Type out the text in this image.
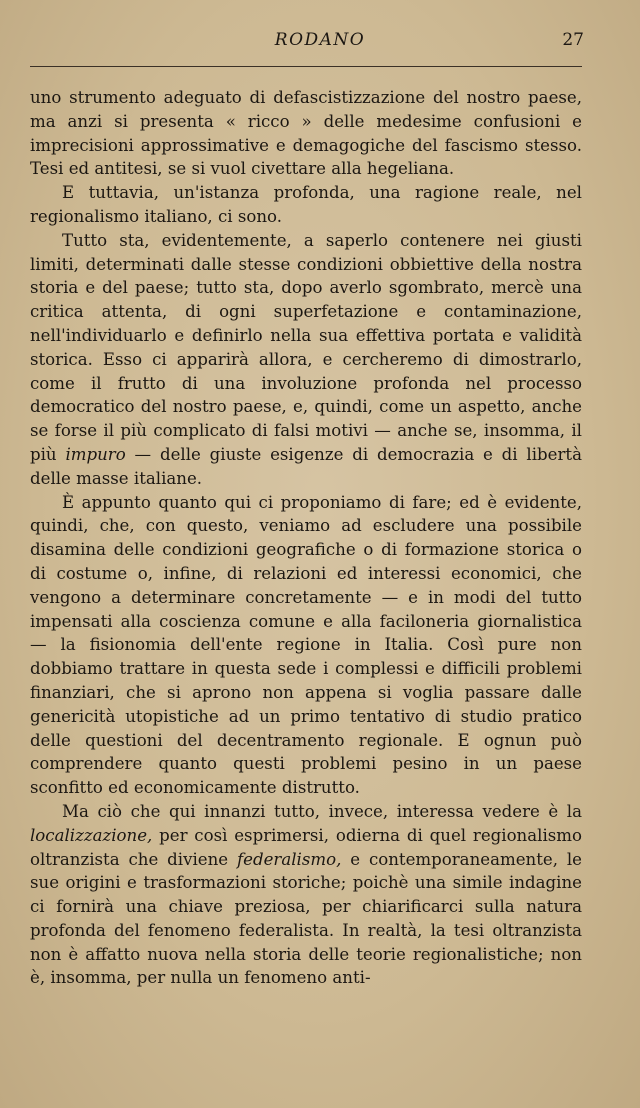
RODANO	27

uno strumento adeguato di defascistizzazione del nostro paese, ma anzi si presenta « ricco » delle medesime confusioni e imprecisioni approssimative e demagogiche del fascismo stesso. Tesi ed antitesi, se si vuol civettare alla hegeliana.

E tuttavia, un'istanza profonda, una ragione reale, nel regionalismo italiano, ci sono.

Tutto sta, evidentemente, a saperlo contenere nei giusti limiti, determinati dalle stesse condizioni obbiettive della nostra storia e del paese; tutto sta, dopo averlo sgombrato, mercè una critica attenta, di ogni superfetazione e contaminazione, nell'individuarlo e definirlo nella sua effettiva portata e validità storica. Esso ci apparirà allora, e cercheremo di dimostrarlo, come il frutto di una involuzione profonda nel processo democratico del nostro paese, e, quindi, come un aspetto, anche se forse il più complicato di falsi motivi — anche se, insomma, il più impuro — delle giuste esigenze di democrazia e di libertà delle masse italiane.

È appunto quanto qui ci proponiamo di fare; ed è evidente, quindi, che, con questo, veniamo ad escludere una possibile disamina delle condizioni geografiche o di formazione storica o di costume o, infine, di relazioni ed interessi economici, che vengono a determinare concretamente — e in modi del tutto impensati alla coscienza comune e alla faciloneria giornalistica — la fisionomia dell'ente regione in Italia. Così pure non dobbiamo trattare in questa sede i complessi e difficili problemi finanziari, che si aprono non appena si voglia passare dalle genericità utopistiche ad un primo tentativo di studio pratico delle questioni del decentramento regionale. E ognun può comprendere quanto questi problemi pesino in un paese sconfitto ed economicamente distrutto.

Ma ciò che qui innanzi tutto, invece, interessa vedere è la localizzazione, per così esprimersi, odierna di quel regionalismo oltranzista che diviene federalismo, e contemporaneamente, le sue origini e trasformazioni storiche; poichè una simile indagine ci fornirà una chiave preziosa, per chiarificarci sulla natura profonda del fenomeno federalista. In realtà, la tesi oltranzista non è affatto nuova nella storia delle teorie regionalistiche; non è, insomma, per nulla un fenomeno anti-
